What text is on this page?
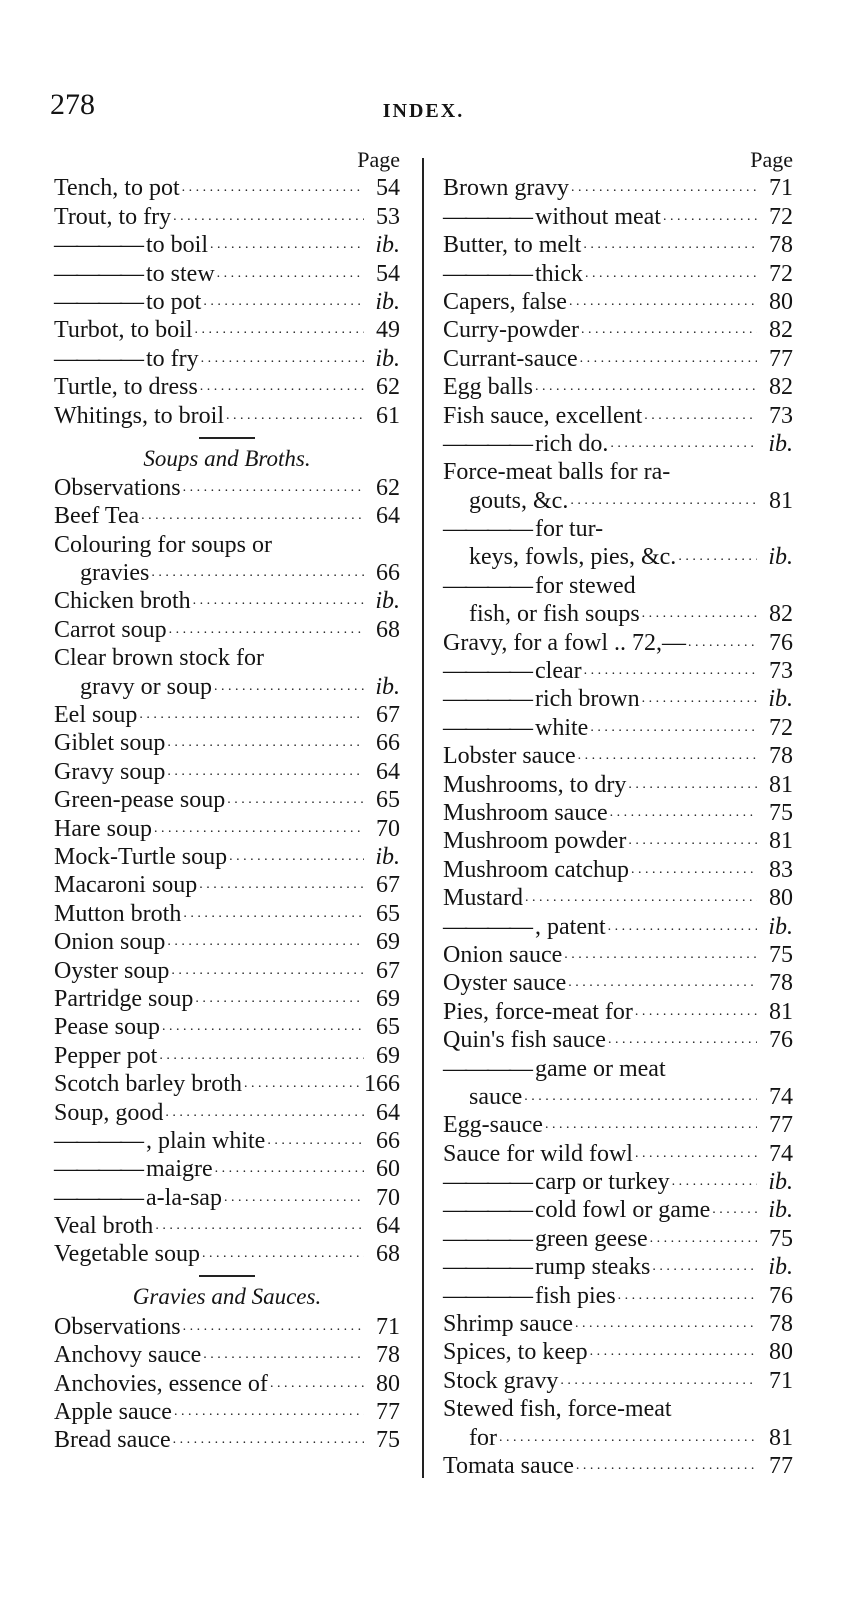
278	INDEX.
Page
Tench, to pot . . .	54
Trout, to fry . . .	53
———— to boil . . .	ib.
———— to stew . . .	54
———— to pot . . .	ib.
Turbot, to boil . . .	49
———— to fry . . .	ib.
Turtle, to dress . . .	62
Whitings, to broil . . .	61
Soups and Broths.
Observations . . .	62
Beef Tea . . .	64
Colouring for soups or
gravies . . .	66
Chicken broth . . .	ib.
Carrot soup . . .	68
Clear brown stock for
gravy or soup . . .	ib.
Eel soup . . .	67
Giblet soup . . .	66
Gravy soup . . .	64
Green-pease soup . . .	65
Hare soup . . .	70
Mock-Turtle soup . . .	ib.
Macaroni soup . . .	67
Mutton broth . . .	65
Onion soup . . .	69
Oyster soup . . .	67
Partridge soup . . .	69
Pease soup . . .	65
Pepper pot . . .	69
Scotch barley broth . . .	166
Soup, good . . .	64
———— , plain white . . .	66
———— maigre . . .	60
———— a-la-sap . . .	70
Veal broth . . .	64
Vegetable soup . . .	68
Gravies and Sauces.
Observations . . .	71
Anchovy sauce . . .	78
Anchovies, essence of . . .	80
Apple sauce . . .	77
Bread sauce . . .	75
Page
Brown gravy . . .	71
———— without meat . . .	72
Butter, to melt . . .	78
———— thick . . .	72
Capers, false . . .	80
Curry-powder . . .	82
Currant-sauce . . .	77
Egg balls . . .	82
Fish sauce, excellent . . .	73
———— rich do. . . .	ib.
Force-meat balls for ra-
gouts, &c. . . .	81
———— for tur-
keys, fowls, pies, &c. . . .	ib.
———— for stewed
fish, or fish soups . . .	82
Gravy, for a fowl .. 72,— . . .	76
———— clear . . .	73
———— rich brown . . .	ib.
———— white . . .	72
Lobster sauce . . .	78
Mushrooms, to dry . . .	81
Mushroom sauce . . .	75
Mushroom powder . . .	81
Mushroom catchup . . .	83
Mustard . . .	80
———— , patent . . .	ib.
Onion sauce . . .	75
Oyster sauce . . .	78
Pies, force-meat for . . .	81
Quin's fish sauce . . .	76
———— game or meat
sauce . . .	74
Egg-sauce . . .	77
Sauce for wild fowl . . .	74
———— carp or turkey . . .	ib.
———— cold fowl or game . . .	ib.
———— green geese . . .	75
———— rump steaks . . .	ib.
———— fish pies . . .	76
Shrimp sauce . . .	78
Spices, to keep . . .	80
Stock gravy . . .	71
Stewed fish, force-meat
for . . .	81
Tomata sauce . . .	77
